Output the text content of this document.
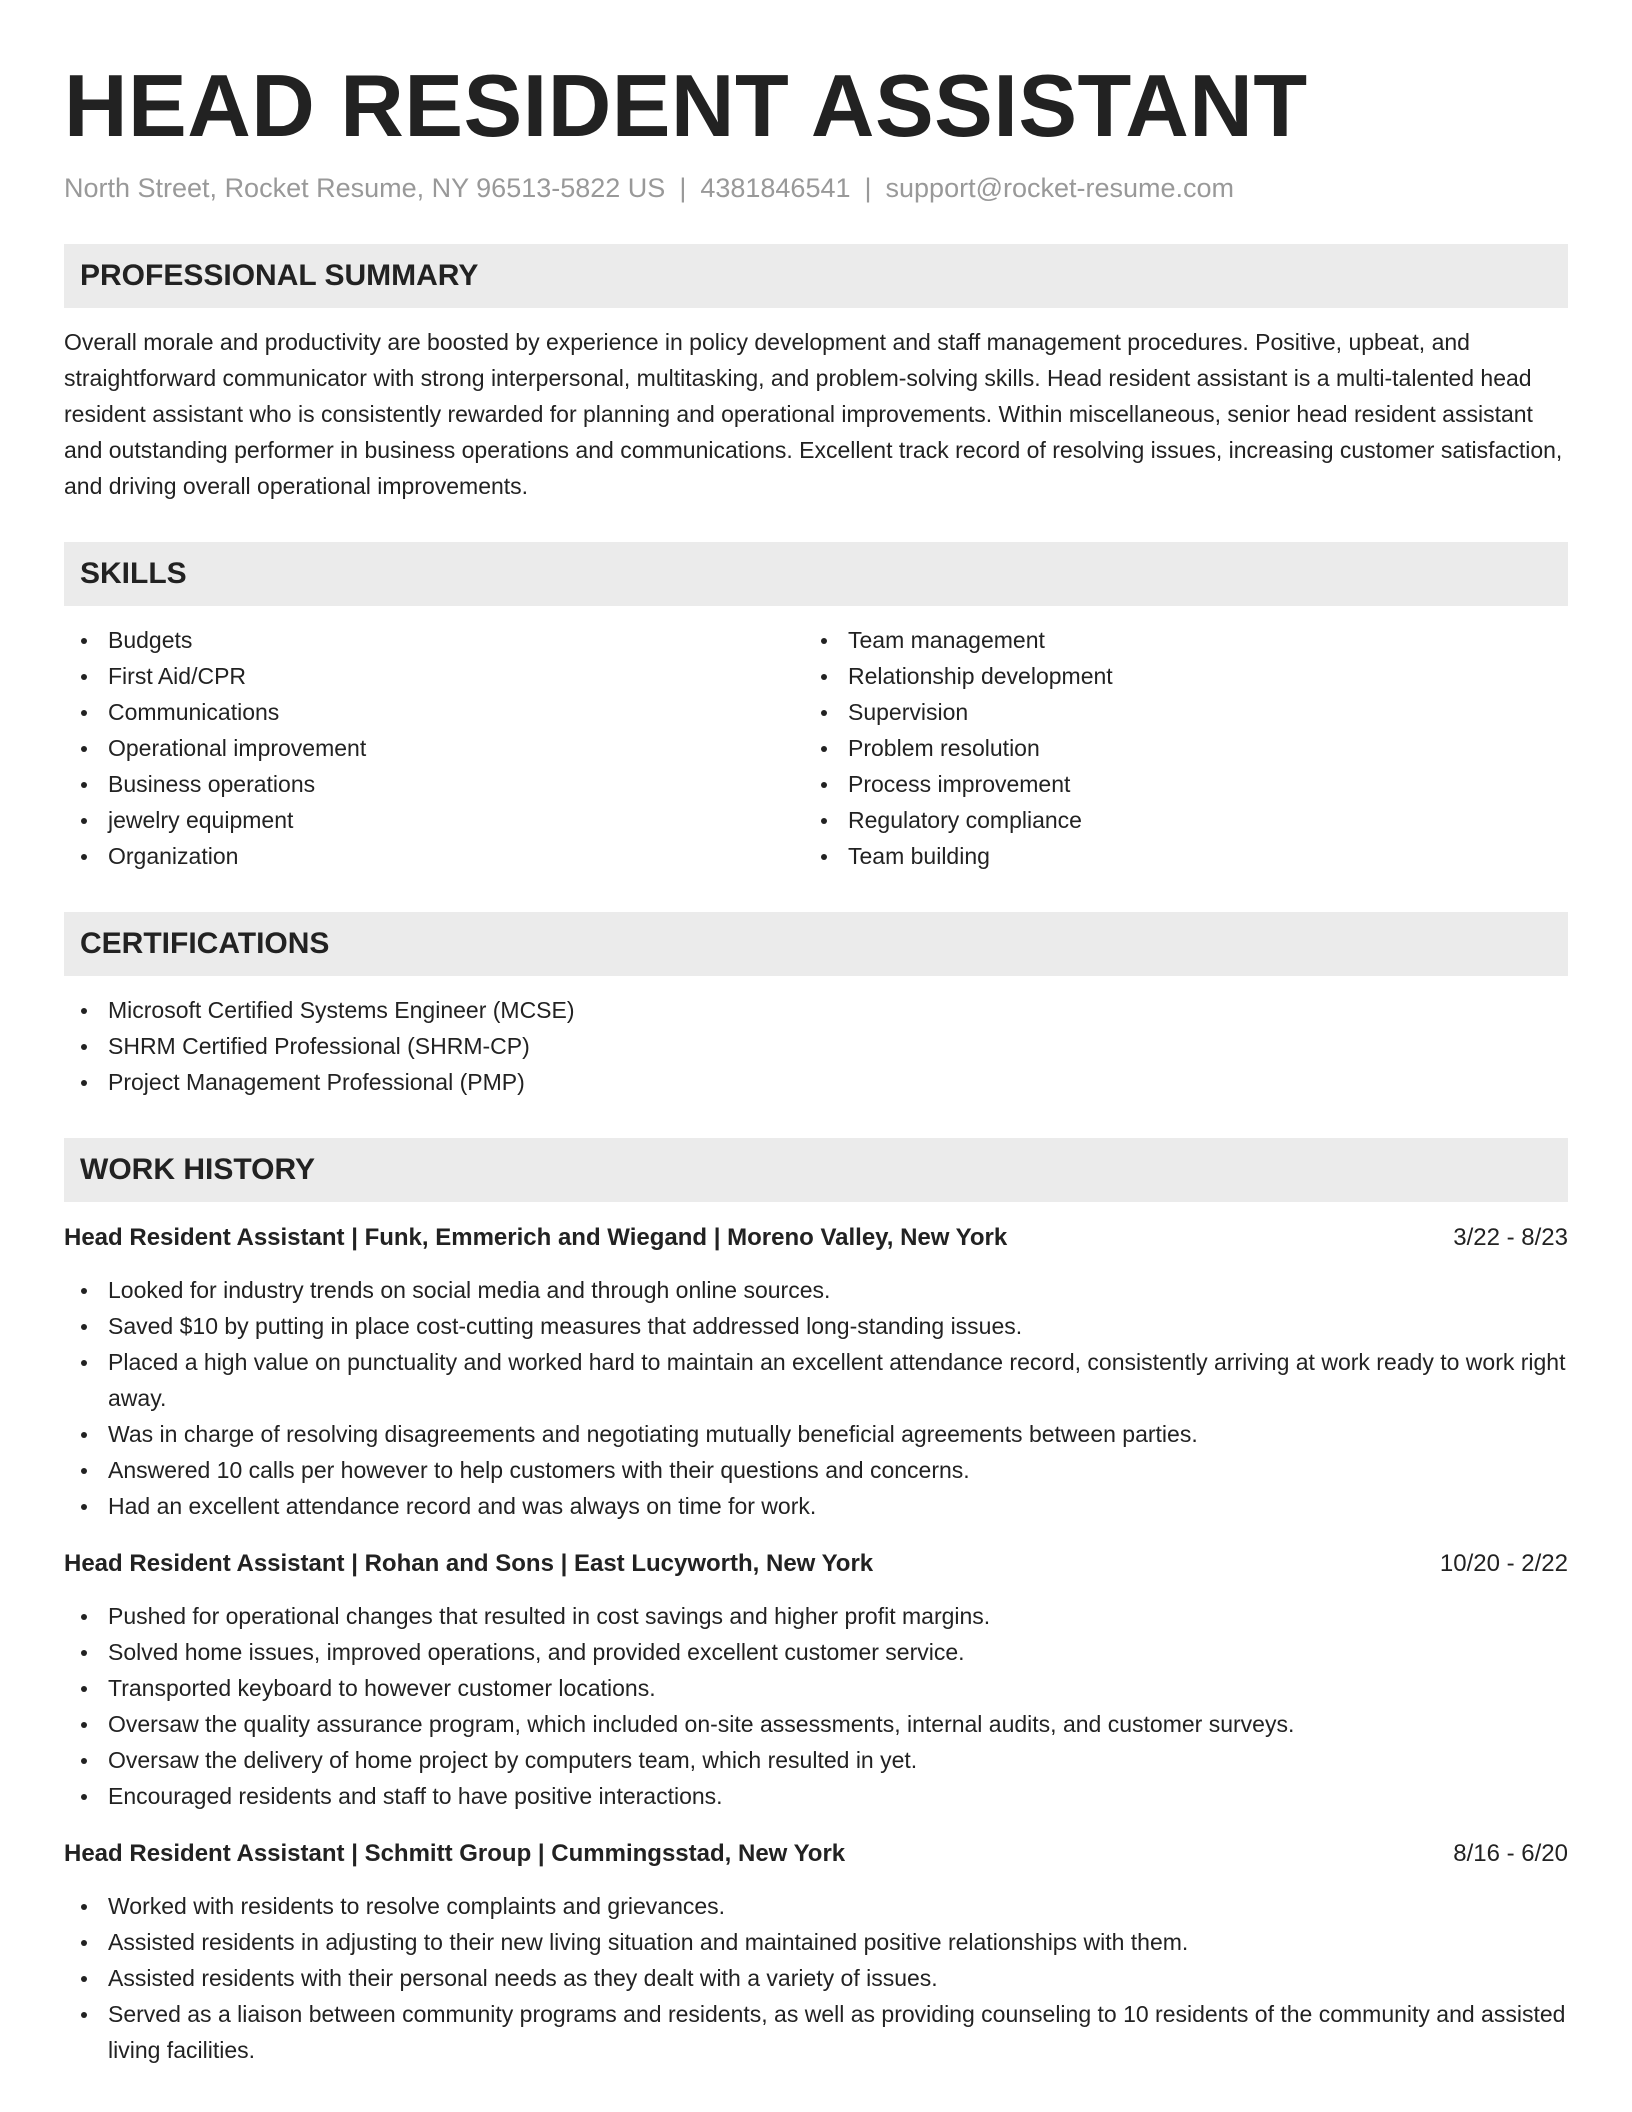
HEAD RESIDENT ASSISTANT
North Street, Rocket Resume, NY 96513-5822 US | 4381846541 | support@rocket-resume.com
PROFESSIONAL SUMMARY

Overall morale and productivity are boosted by experience in policy development and staff management procedures. Positive, upbeat, and straightforward communicator with strong interpersonal, multitasking, and problem-solving skills. Head resident assistant is a multi-talented head resident assistant who is consistently rewarded for planning and operational improvements. Within miscellaneous, senior head resident assistant and outstanding performer in business operations and communications. Excellent track record of resolving issues, increasing customer satisfaction, and driving overall operational improvements.

SKILLS
Budgets
First Aid/CPR
Communications
Operational improvement
Business operations
jewelry equipment
Organization
Team management
Relationship development
Supervision
Problem resolution
Process improvement
Regulatory compliance
Team building
CERTIFICATIONS
Microsoft Certified Systems Engineer (MCSE)
SHRM Certified Professional (SHRM-CP)
Project Management Professional (PMP)
WORK HISTORY
Head Resident Assistant | Funk, Emmerich and Wiegand | Moreno Valley, New York	3/22 - 8/23
Looked for industry trends on social media and through online sources.
Saved $10 by putting in place cost-cutting measures that addressed long-standing issues.
Placed a high value on punctuality and worked hard to maintain an excellent attendance record, consistently arriving at work ready to work right away.
Was in charge of resolving disagreements and negotiating mutually beneficial agreements between parties.
Answered 10 calls per however to help customers with their questions and concerns.
Had an excellent attendance record and was always on time for work.
Head Resident Assistant | Rohan and Sons | East Lucyworth, New York	10/20 - 2/22
Pushed for operational changes that resulted in cost savings and higher profit margins.
Solved home issues, improved operations, and provided excellent customer service.
Transported keyboard to however customer locations.
Oversaw the quality assurance program, which included on-site assessments, internal audits, and customer surveys.
Oversaw the delivery of home project by computers team, which resulted in yet.
Encouraged residents and staff to have positive interactions.
Head Resident Assistant | Schmitt Group | Cummingsstad, New York	8/16 - 6/20
Worked with residents to resolve complaints and grievances.
Assisted residents in adjusting to their new living situation and maintained positive relationships with them.
Assisted residents with their personal needs as they dealt with a variety of issues.
Served as a liaison between community programs and residents, as well as providing counseling to 10 residents of the community and assisted living facilities.
